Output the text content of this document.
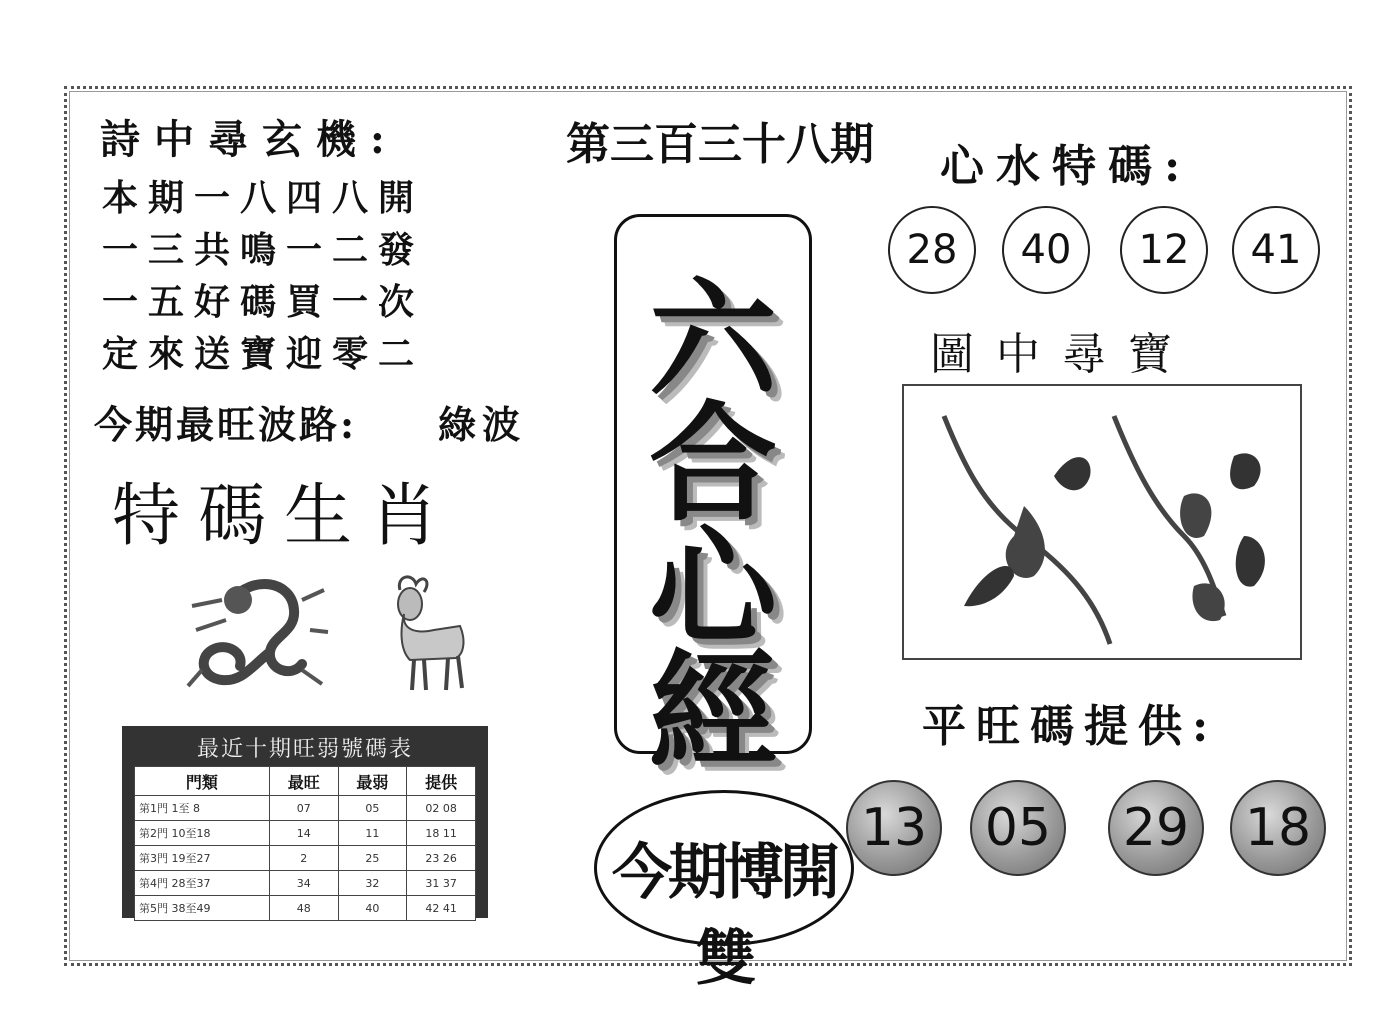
詩中尋玄機:
本期一八四八開
一三共鳴一二發
一五好碼買一次
定來送寶迎零二
第三百三十八期
今期最旺波路: 綠波
特碼生肖
六
合
心
經
心水特碼:
28	40	12	41
圖中尋寶
平旺碼提供:
13 05 29 18
今期博開雙
最近十期旺弱號碼表
門類	最旺	最弱	提供
第1門 1至 8	07	05	02 08
第2門 10至18	14	11	18 11
第3門 19至27	2	25	23 26
第4門 28至37	34	32	31 37
第5門 38至49	48	40	42 41
